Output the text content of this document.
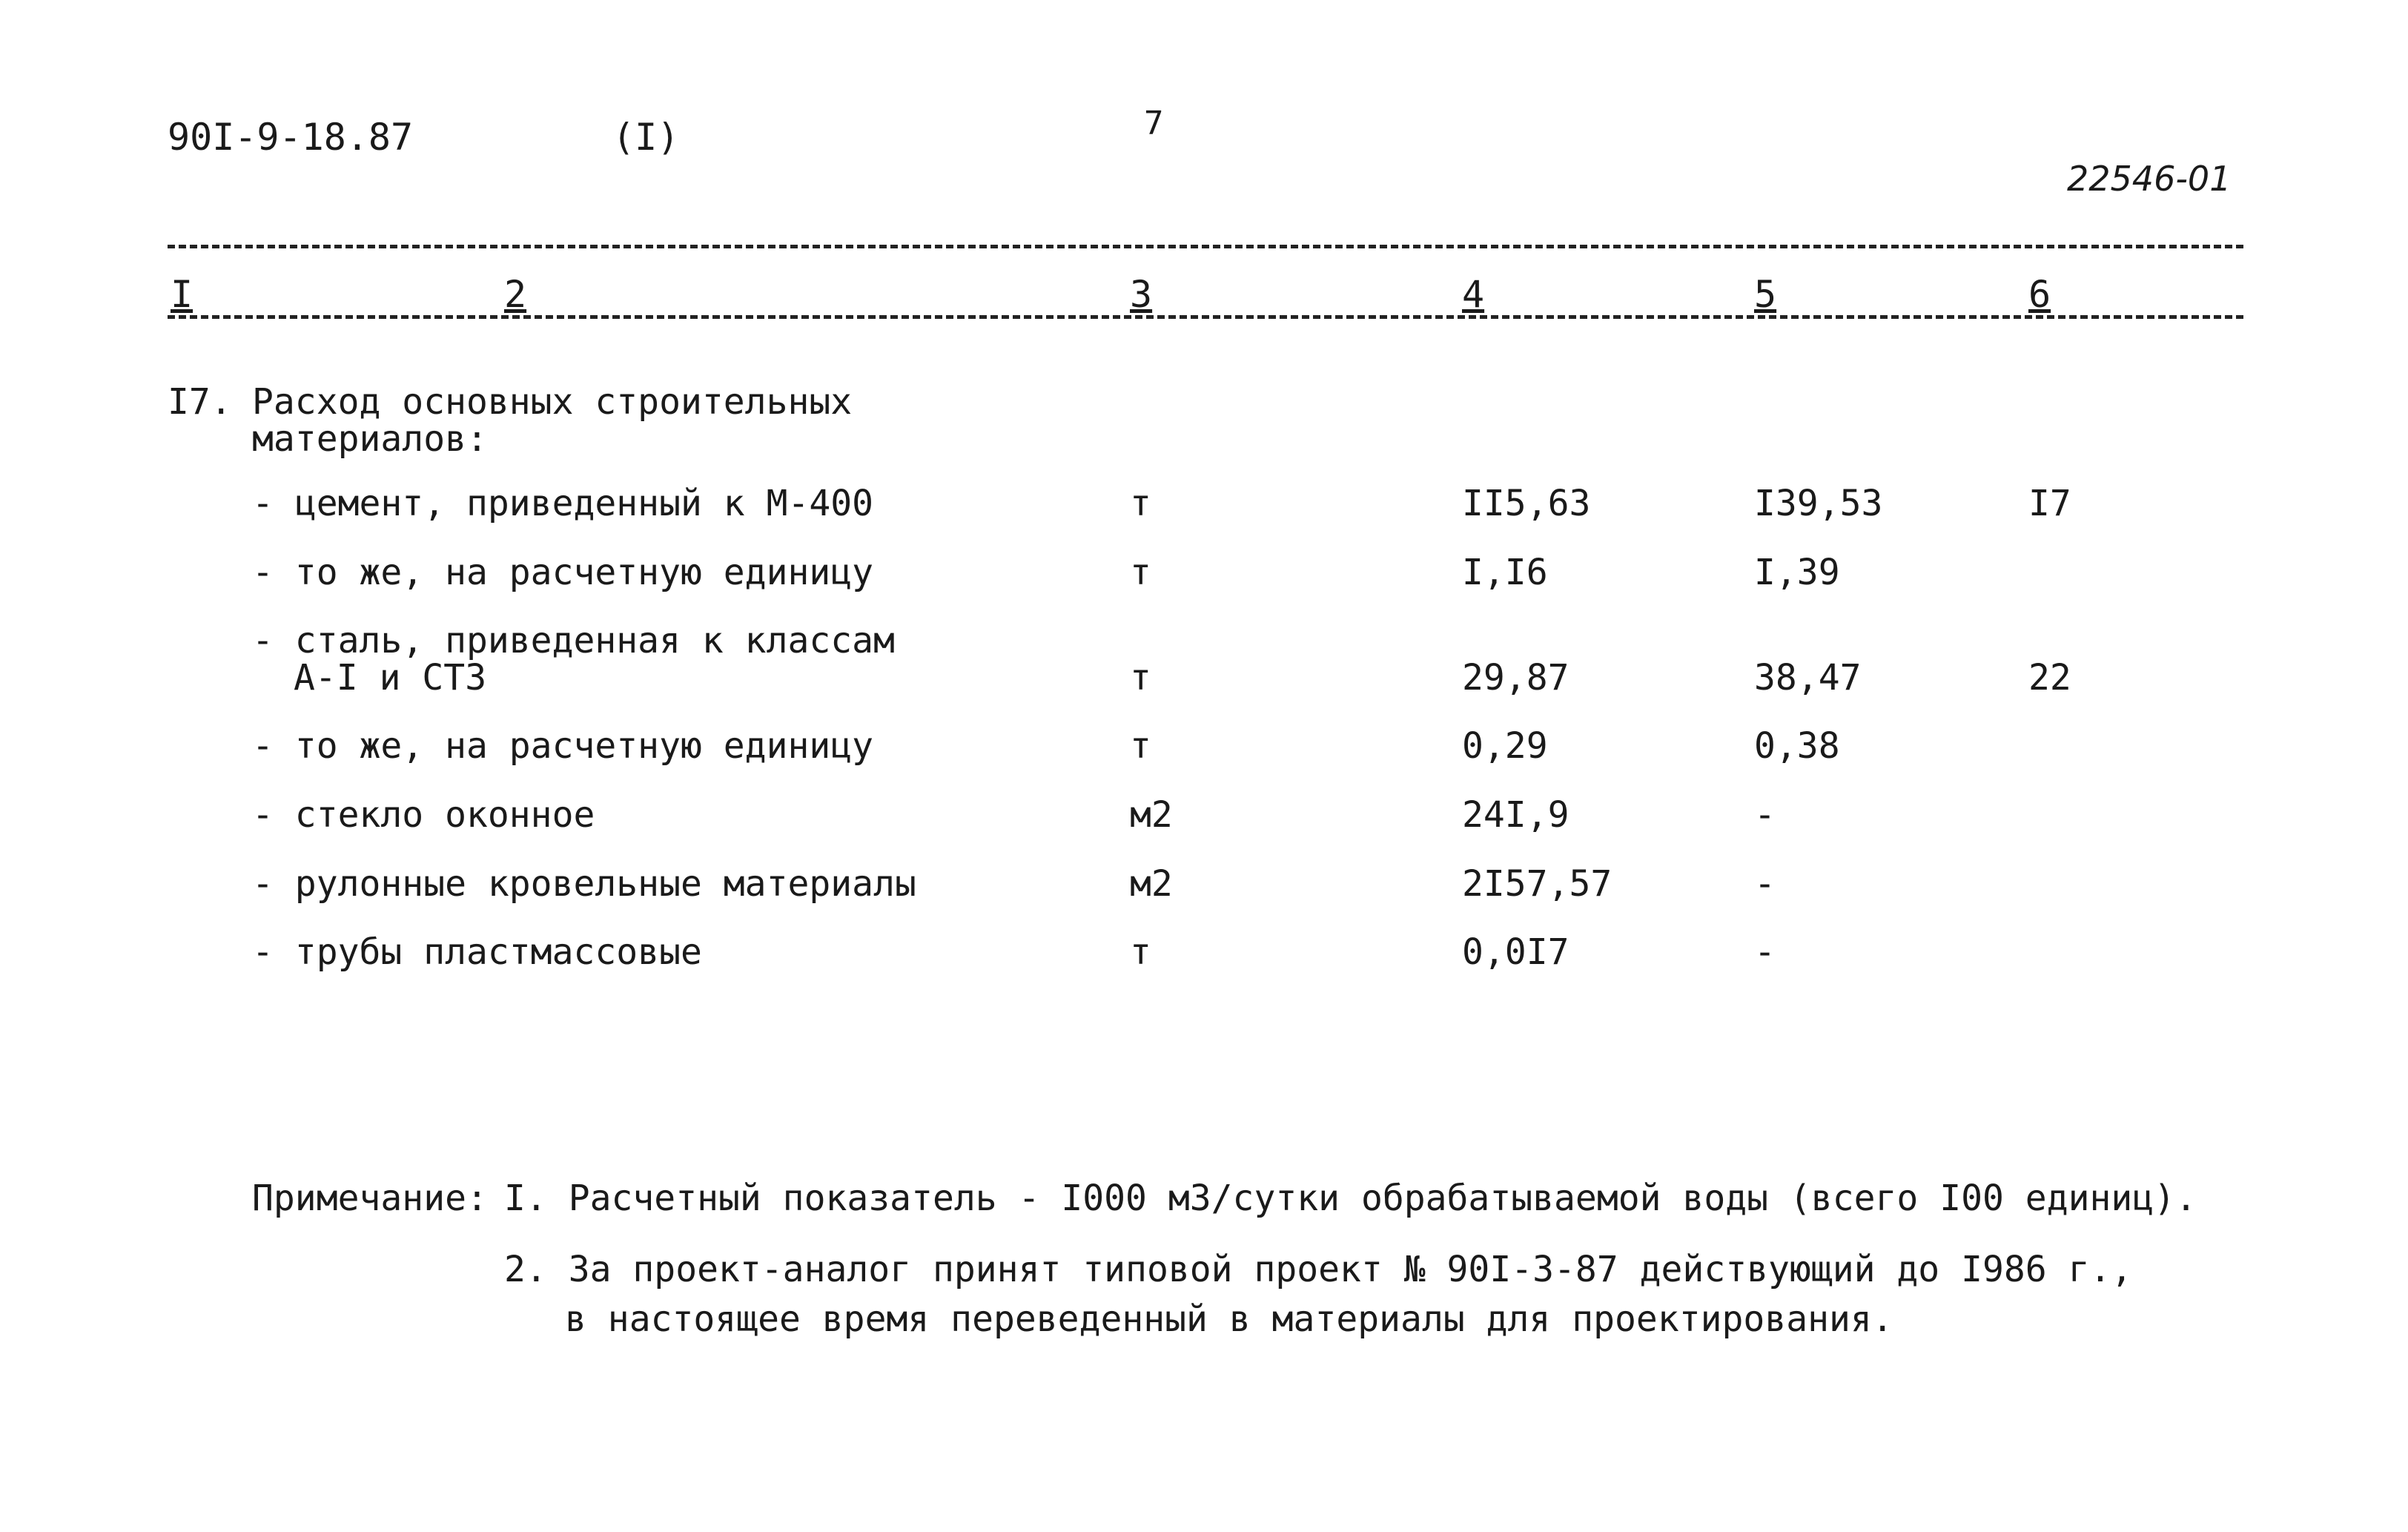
90I-9-18.87	(I)	7
22546-01
I	2	3	4	5	6
I7. Расход основных строительных
материалов:
- цемент, приведенный к М-400	т	II5,63	I39,53	I7
- то же, на расчетную единицу	т	I,I6	I,39
- сталь, приведенная к классам
А-I и СТ3	т	29,87	38,47	22
- то же, на расчетную единицу	т	0,29	0,38
- стекло оконное	м2	24I,9	-
- рулонные кровельные материалы	м2	2I57,57	-
- трубы пластмассовые	т	0,0I7	-
Примечание: I. Расчетный показатель - I000 м3/сутки обрабатываемой воды (всего I00 единиц).
2. За проект-аналог принят типовой проект № 90I-3-87 действующий до I986 г.,
в настоящее время переведенный в материалы для проектирования.
